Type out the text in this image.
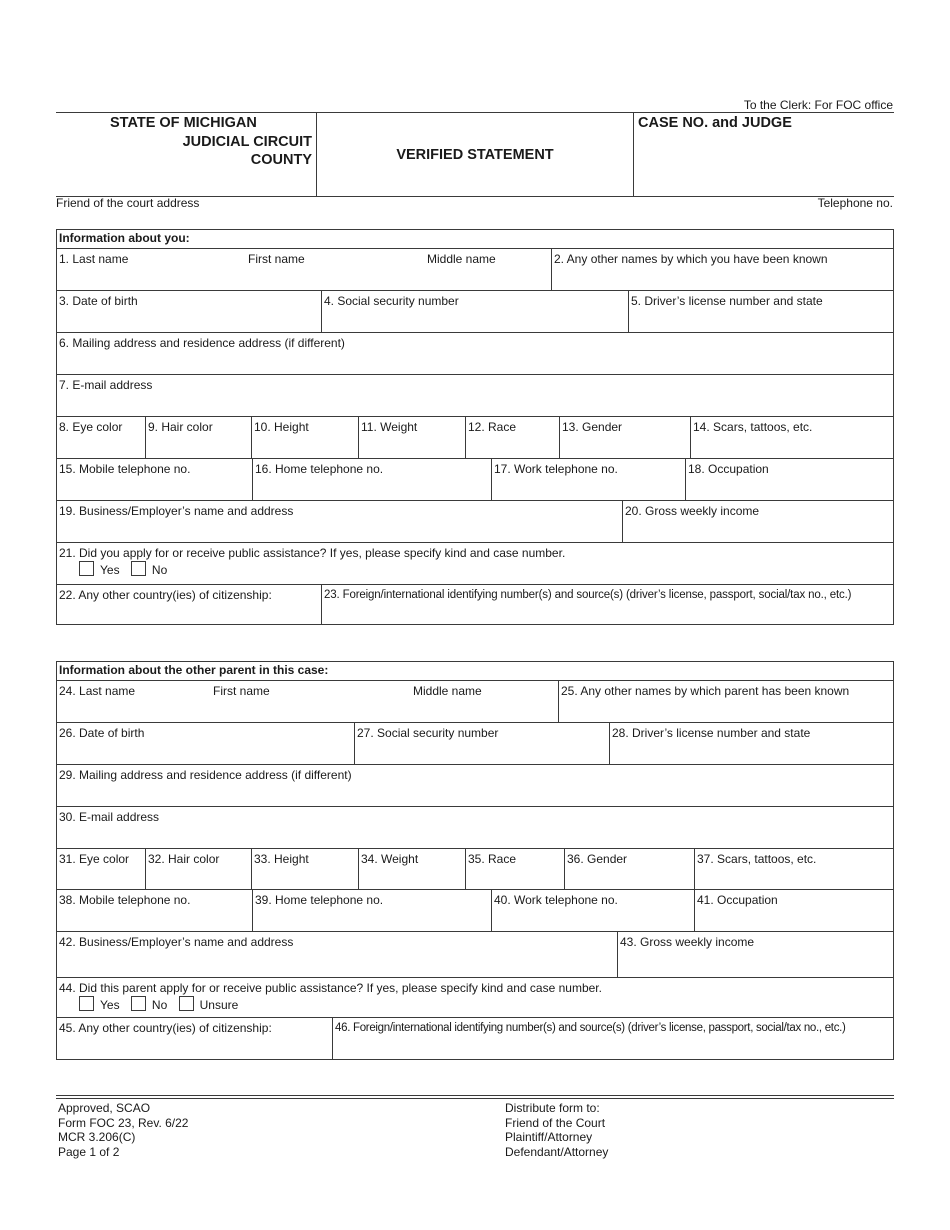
To the Clerk: For FOC office
STATE OF MICHIGAN
JUDICIAL CIRCUIT
COUNTY	VERIFIED STATEMENT
CASE NO. and JUDGE
Friend of the court address	Telephone no.
Information about you:
1. Last name	First name	Middle name	2. Any other names by which you have been known
3. Date of birth	4. Social security number	5. Driver’s license number and state
6. Mailing address and residence address (if different)
7. E-mail address
8. Eye color 9. Hair color	10. Height	11. Weight	12. Race	13. Gender	14. Scars, tattoos, etc.
15. Mobile telephone no.	16. Home telephone no.	17. Work telephone no.	18. Occupation
19. Business/Employer’s name and address	20. Gross weekly income
21. Did you apply for or receive public assistance? If yes, please specify kind and case number.
Yes	No
22. Any other country(ies) of citizenship:	23. Foreign/international identifying number(s) and source(s) (driver’s license, passport, social/tax no., etc.)
Information about the other parent in this case:
24. Last name	First name	Middle name	25. Any other names by which parent has been known
26. Date of birth	27. Social security number	28. Driver’s license number and state
29. Mailing address and residence address (if different)
30. E-mail address
31. Eye color 32. Hair color	33. Height	34. Weight	35. Race	36. Gender	37. Scars, tattoos, etc.
38. Mobile telephone no.	39. Home telephone no.	40. Work telephone no.	41. Occupation
42. Business/Employer’s name and address	43. Gross weekly income
44. Did this parent apply for or receive public assistance? If yes, please specify kind and case number.
Yes	No	Unsure
45. Any other country(ies) of citizenship:	46. Foreign/international identifying number(s) and source(s) (driver’s license, passport, social/tax no., etc.)
Approved, SCAO
Form FOC 23, Rev. 6/22
MCR 3.206(C)
Page 1 of 2
Distribute form to:
Friend of the Court
Plaintiff/Attorney
Defendant/Attorney
